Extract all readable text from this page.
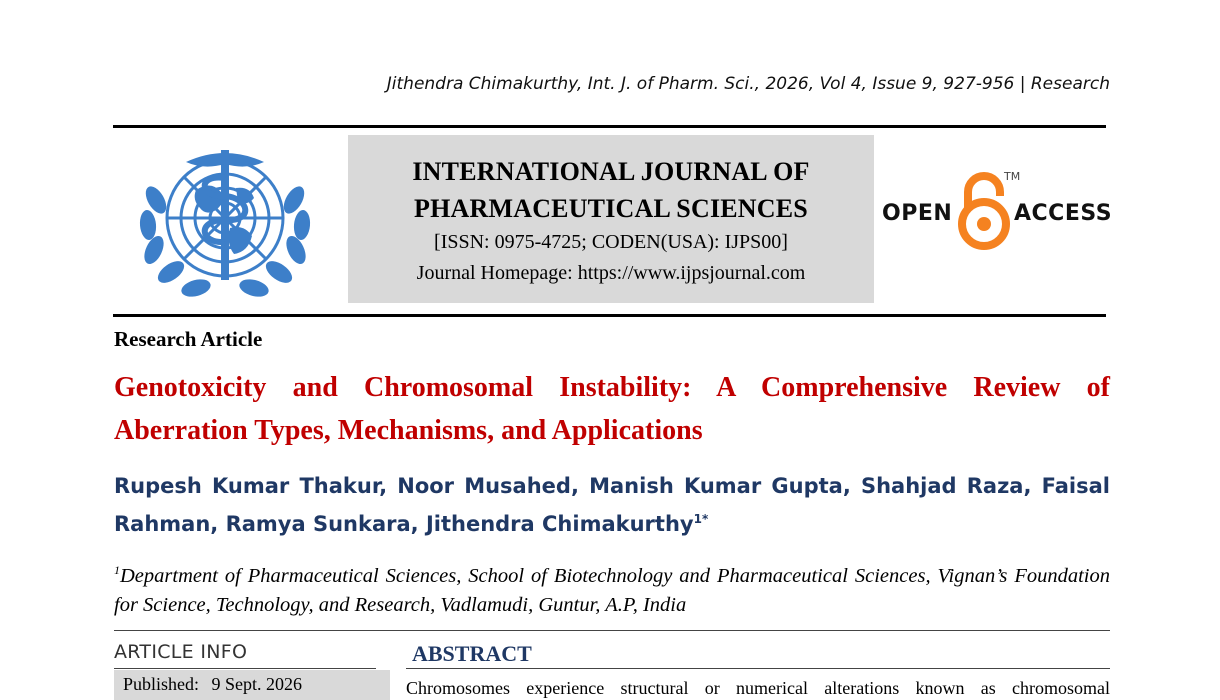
Jithendra Chimakurthy, Int. J. of Pharm. Sci., 2026, Vol 4, Issue 9, 927-956 | Research
INTERNATIONAL JOURNAL OF
PHARMACEUTICAL SCIENCES
[ISSN: 0975-4725; CODEN(USA): IJPS00]
Journal Homepage: https://www.ijpsjournal.com
OPEN
TM
ACCESS
Research Article
Genotoxicity and Chromosomal Instability: A Comprehensive Review of Aberration Types, Mechanisms, and Applications
Rupesh Kumar Thakur, Noor Musahed, Manish Kumar Gupta, Shahjad Raza, Faisal Rahman, Ramya Sunkara, Jithendra Chimakurthy$^{1*}$
$^1$Department of Pharmaceutical Sciences, School of Biotechnology and Pharmaceutical Sciences, Vignan’s Foundation for Science, Technology, and Research, Vadlamudi, Guntur, A.P, India
ARTICLE INFO
Published: 9 Sept. 2026
ABSTRACT
Chromosomes experience structural or numerical alterations known as chromosomal
